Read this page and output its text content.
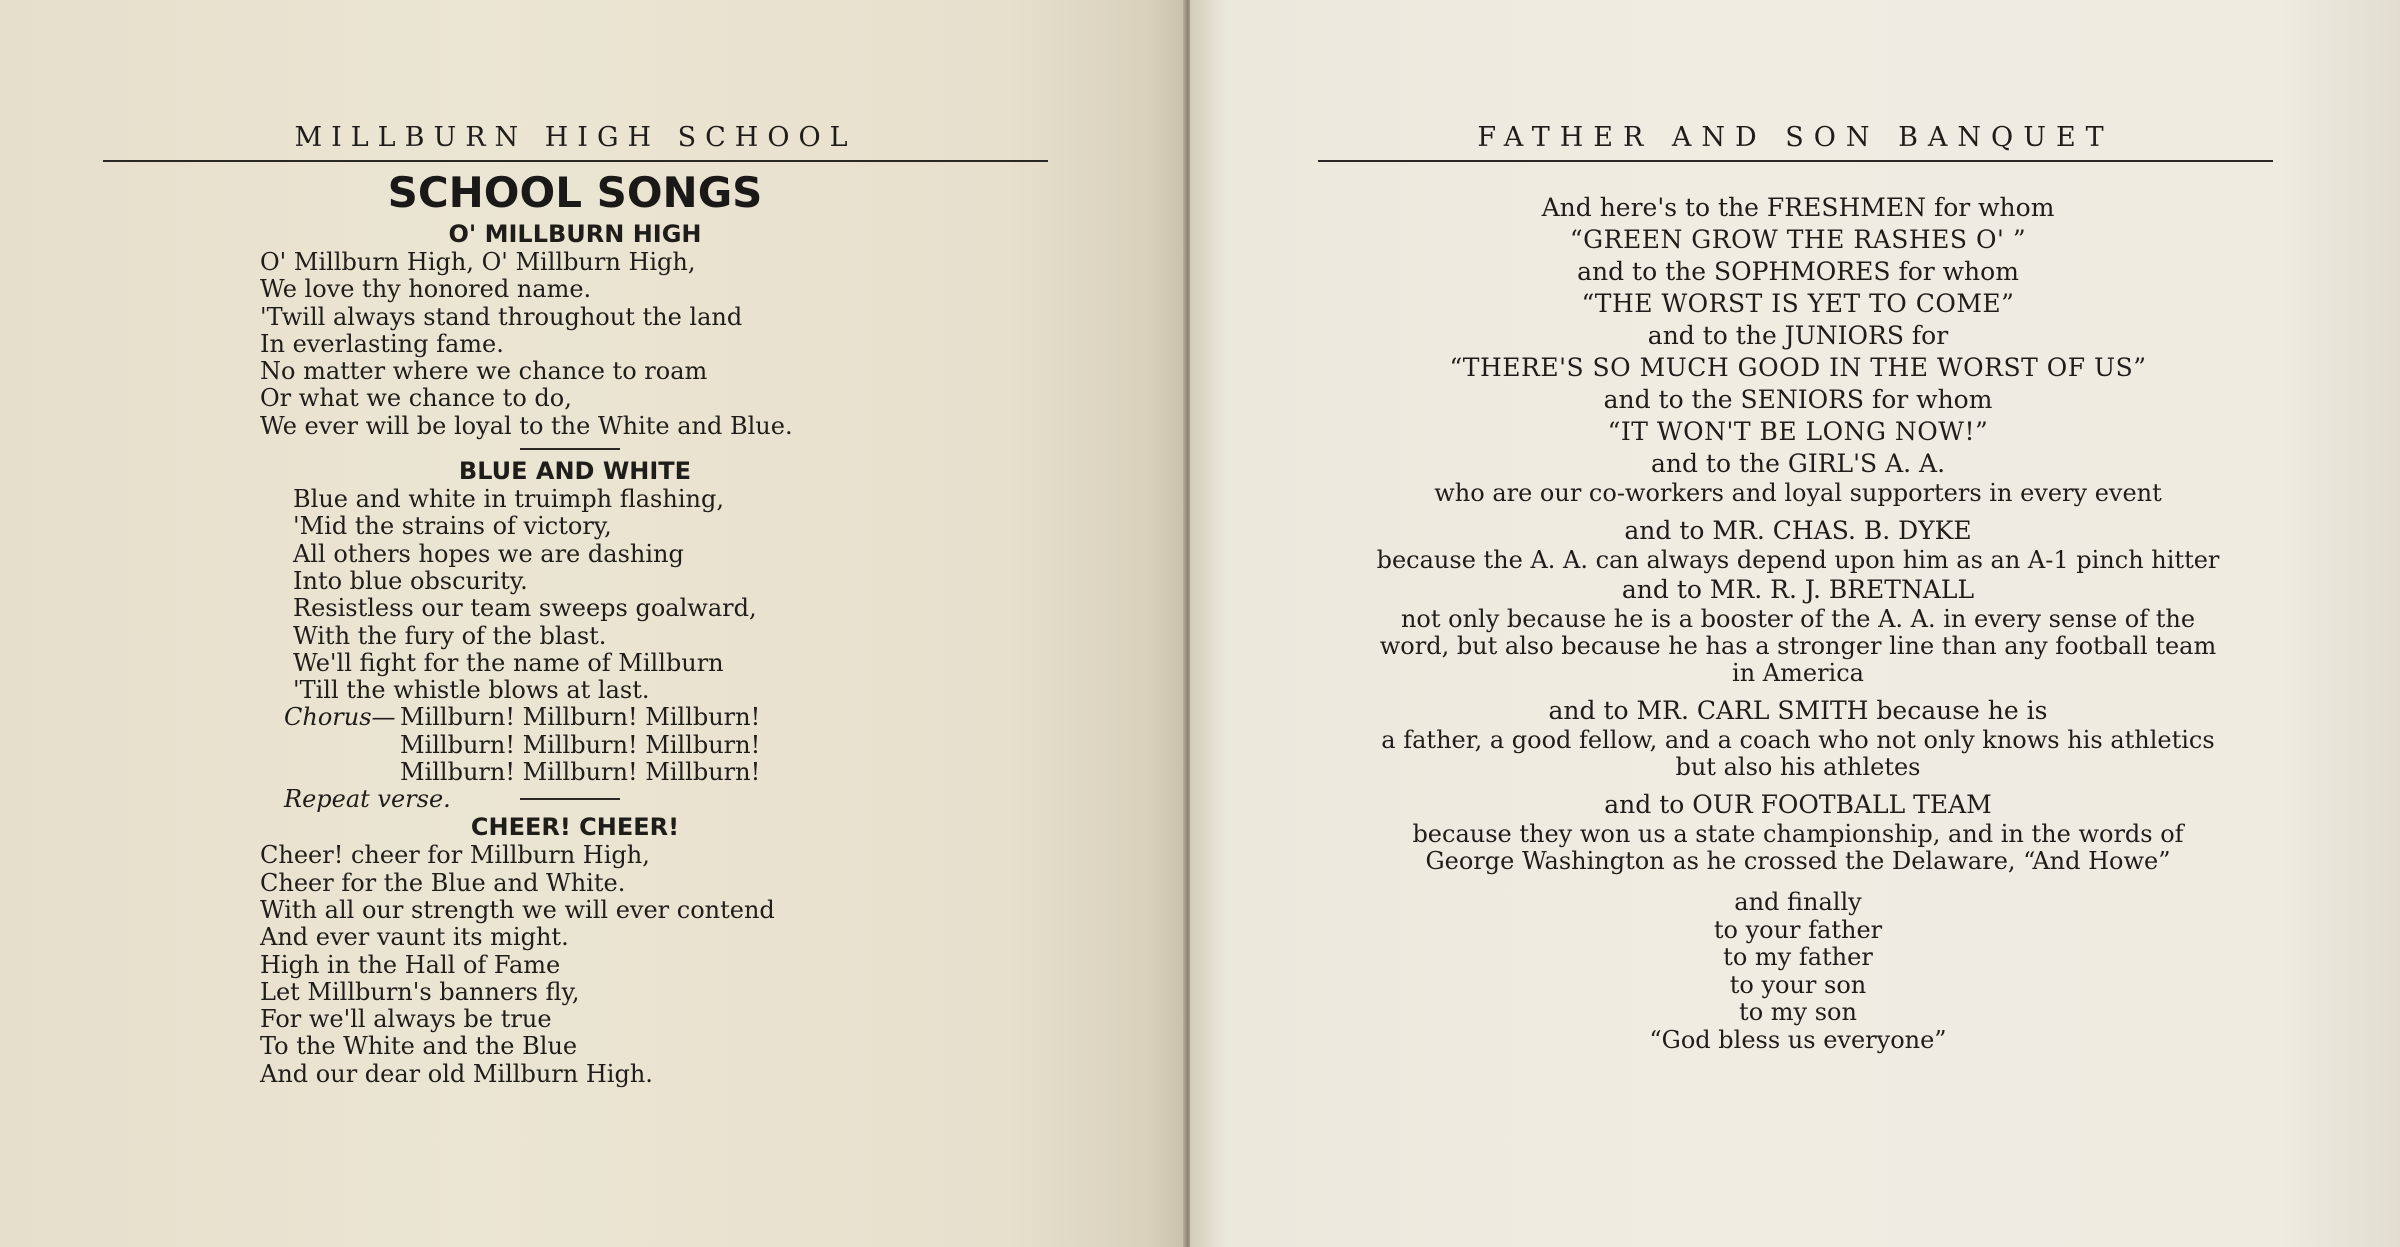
MILLBURN HIGH SCHOOL
SCHOOL SONGS
O' MILLBURN HIGH
O' Millburn High, O' Millburn High,
We love thy honored name.
'Twill always stand throughout the land
In everlasting fame.
No matter where we chance to roam
Or what we chance to do,
We ever will be loyal to the White and Blue.
BLUE AND WHITE
Blue and white in truimph flashing,
'Mid the strains of victory,
All others hopes we are dashing
Into blue obscurity.
Resistless our team sweeps goalward,
With the fury of the blast.
We'll fight for the name of Millburn
'Till the whistle blows at last.
Chorus— Millburn! Millburn! Millburn!
Millburn! Millburn! Millburn!
Millburn! Millburn! Millburn!
Repeat verse.
CHEER! CHEER!
Cheer! cheer for Millburn High,
Cheer for the Blue and White.
With all our strength we will ever contend
And ever vaunt its might.
High in the Hall of Fame
Let Millburn's banners fly,
For we'll always be true
To the White and the Blue
And our dear old Millburn High.
FATHER AND SON BANQUET

And here's to the FRESHMEN for whom

“GREEN GROW THE RASHES O' ”

and to the SOPHMORES for whom

“THE WORST IS YET TO COME”

and to the JUNIORS for

“THERE'S SO MUCH GOOD IN THE WORST OF US”

and to the SENIORS for whom

“IT WON'T BE LONG NOW!”

and to the GIRL'S A. A.

who are our co-workers and loyal supporters in every event

and to MR. CHAS. B. DYKE

because the A. A. can always depend upon him as an A-1 pinch hitter

and to MR. R. J. BRETNALL

not only because he is a booster of the A. A. in every sense of the

word, but also because he has a stronger line than any football team

in America

and to MR. CARL SMITH because he is

a father, a good fellow, and a coach who not only knows his athletics

but also his athletes

and to OUR FOOTBALL TEAM

because they won us a state championship, and in the words of

George Washington as he crossed the Delaware, “And Howe”

and finally

to your father

to my father

to your son

to my son

“God bless us everyone”
